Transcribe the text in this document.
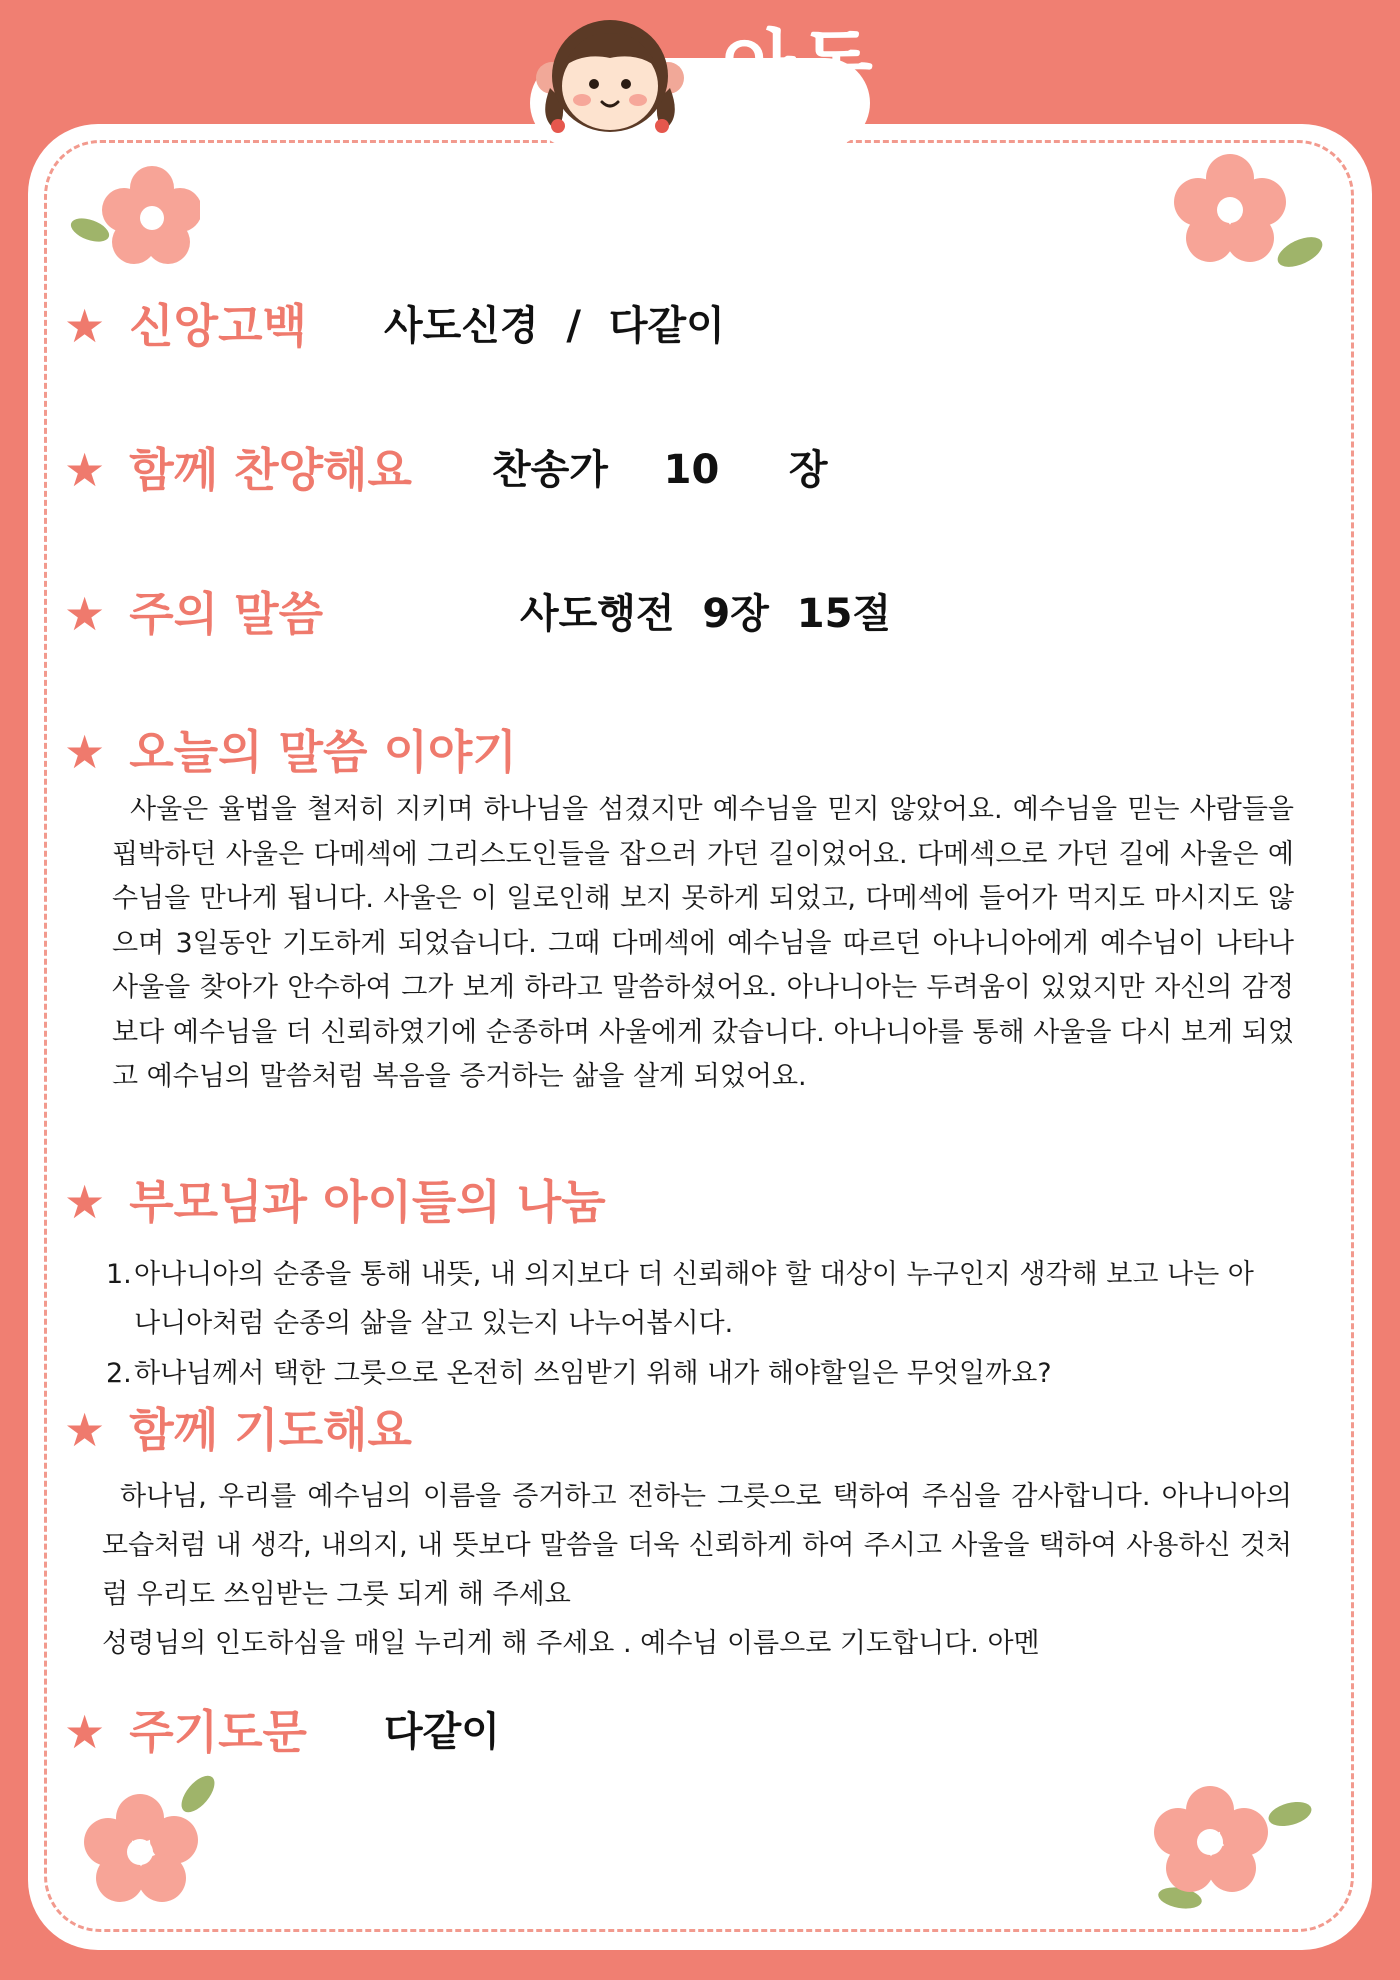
아동
★ 신앙고백 사도신경  /  다같이
★ 함께 찬양해요 찬송가    10     장
★ 주의 말씀	사도행전  9장  15절
★ 오늘의 말씀 이야기
사울은 율법을 철저히 지키며 하나님을 섬겼지만 예수님을 믿지 않았어요. 예수님을 믿는 사람들을 핍박하던 사울은 다메섹에 그리스도인들을 잡으러 가던 길이었어요. 다메섹으로 가던 길에 사울은 예수님을 만나게 됩니다. 사울은 이 일로인해 보지 못하게 되었고, 다메섹에 들어가 먹지도 마시지도 않으며 3일동안 기도하게 되었습니다. 그때 다메섹에 예수님을 따르던 아나니아에게 예수님이 나타나 사울을 찾아가 안수하여 그가 보게 하라고 말씀하셨어요. 아나니아는 두려움이 있었지만 자신의 감정보다 예수님을 더 신뢰하였기에 순종하며 사울에게 갔습니다. 아나니아를 통해 사울을 다시 보게 되었고 예수님의 말씀처럼 복음을 증거하는 삶을 살게 되었어요.
★ 부모님과 아이들의 나눔
1.아나니아의 순종을 통해 내뜻, 내 의지보다 더 신뢰해야 할 대상이 누구인지 생각해 보고 나는 아
나니아처럼 순종의 삶을 살고 있는지 나누어봅시다.
2.하나님께서 택한 그릇으로 온전히 쓰임받기 위해 내가 해야할일은 무엇일까요?
★ 함께 기도해요

하나님, 우리를 예수님의 이름을 증거하고 전하는 그릇으로 택하여 주심을 감사합니다. 아나니아의 모습처럼 내 생각, 내의지, 내 뜻보다 말씀을 더욱 신뢰하게 하여 주시고 사울을 택하여 사용하신 것처럼 우리도 쓰임받는 그릇 되게 해 주세요

성령님의 인도하심을 매일 누리게 해 주세요 . 예수님 이름으로 기도합니다. 아멘

★ 주기도문 다같이
